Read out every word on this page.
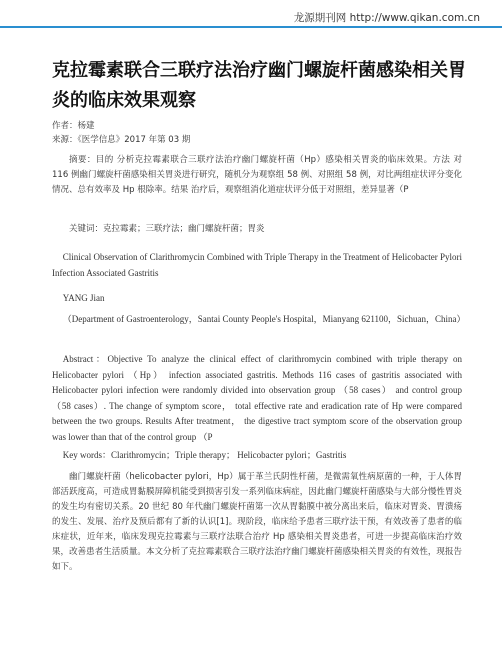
龙源期刊网 http://www.qikan.com.cn
克拉霉素联合三联疗法治疗幽门螺旋杆菌感染相关胃炎的临床效果观察
作者：杨建
来源：《医学信息》2017 年第 03 期

摘要：目的 分析克拉霉素联合三联疗法治疗幽门螺旋杆菌（Hp）感染相关胃炎的临床效果。方法 对 116 例幽门螺旋杆菌感染相关胃炎进行研究，随机分为观察组 58 例、对照组 58 例，对比两组症状评分变化情况、总有效率及 Hp 根除率。结果 治疗后，观察组消化道症状评分低于对照组，差异显著（P

关键词：克拉霉素；三联疗法；幽门螺旋杆菌；胃炎

Clinical Observation of Clarithromycin Combined with Triple Therapy in the Treatment of Helicobacter Pylori Infection Associated Gastritis

YANG Jian

（Department of Gastroenterology，Santai County People's Hospital，Mianyang 621100，Sichuan，China）

Abstract：Objective To analyze the clinical effect of clarithromycin combined with triple therapy on Helicobacter pylori （Hp） infection associated gastritis. Methods 116 cases of gastritis associated with Helicobacter pylori infection were randomly divided into observation group （58 cases） and control group （58 cases）. The change of symptom score， total effective rate and eradication rate of Hp were compared between the two groups. Results After treatment， the digestive tract symptom score of the observation group was lower than that of the control group （P

Key words：Clarithromycin；Triple therapy； Helicobacter pylori；Gastritis

幽门螺旋杆菌（helicobacter pylori，Hp）属于革兰氏阴性杆菌，是微需氧性病原菌的一种，于人体胃部活跃度高，可造成胃黏膜屏障机能受到损害引发一系列临床病症，因此幽门螺旋杆菌感染与大部分慢性胃炎的发生均有密切关系。20 世纪 80 年代幽门螺旋杆菌第一次从胃黏膜中被分离出来后，临床对胃炎、胃溃疡的发生、发展、治疗及预后都有了新的认识[1]。现阶段，临床给予患者三联疗法干预，有效改善了患者的临床症状，近年来，临床发现克拉霉素与三联疗法联合治疗 Hp 感染相关胃炎患者，可进一步提高临床治疗效果，改善患者生活质量。本文分析了克拉霉素联合三联疗法治疗幽门螺旋杆菌感染相关胃炎的有效性，现报告如下。
